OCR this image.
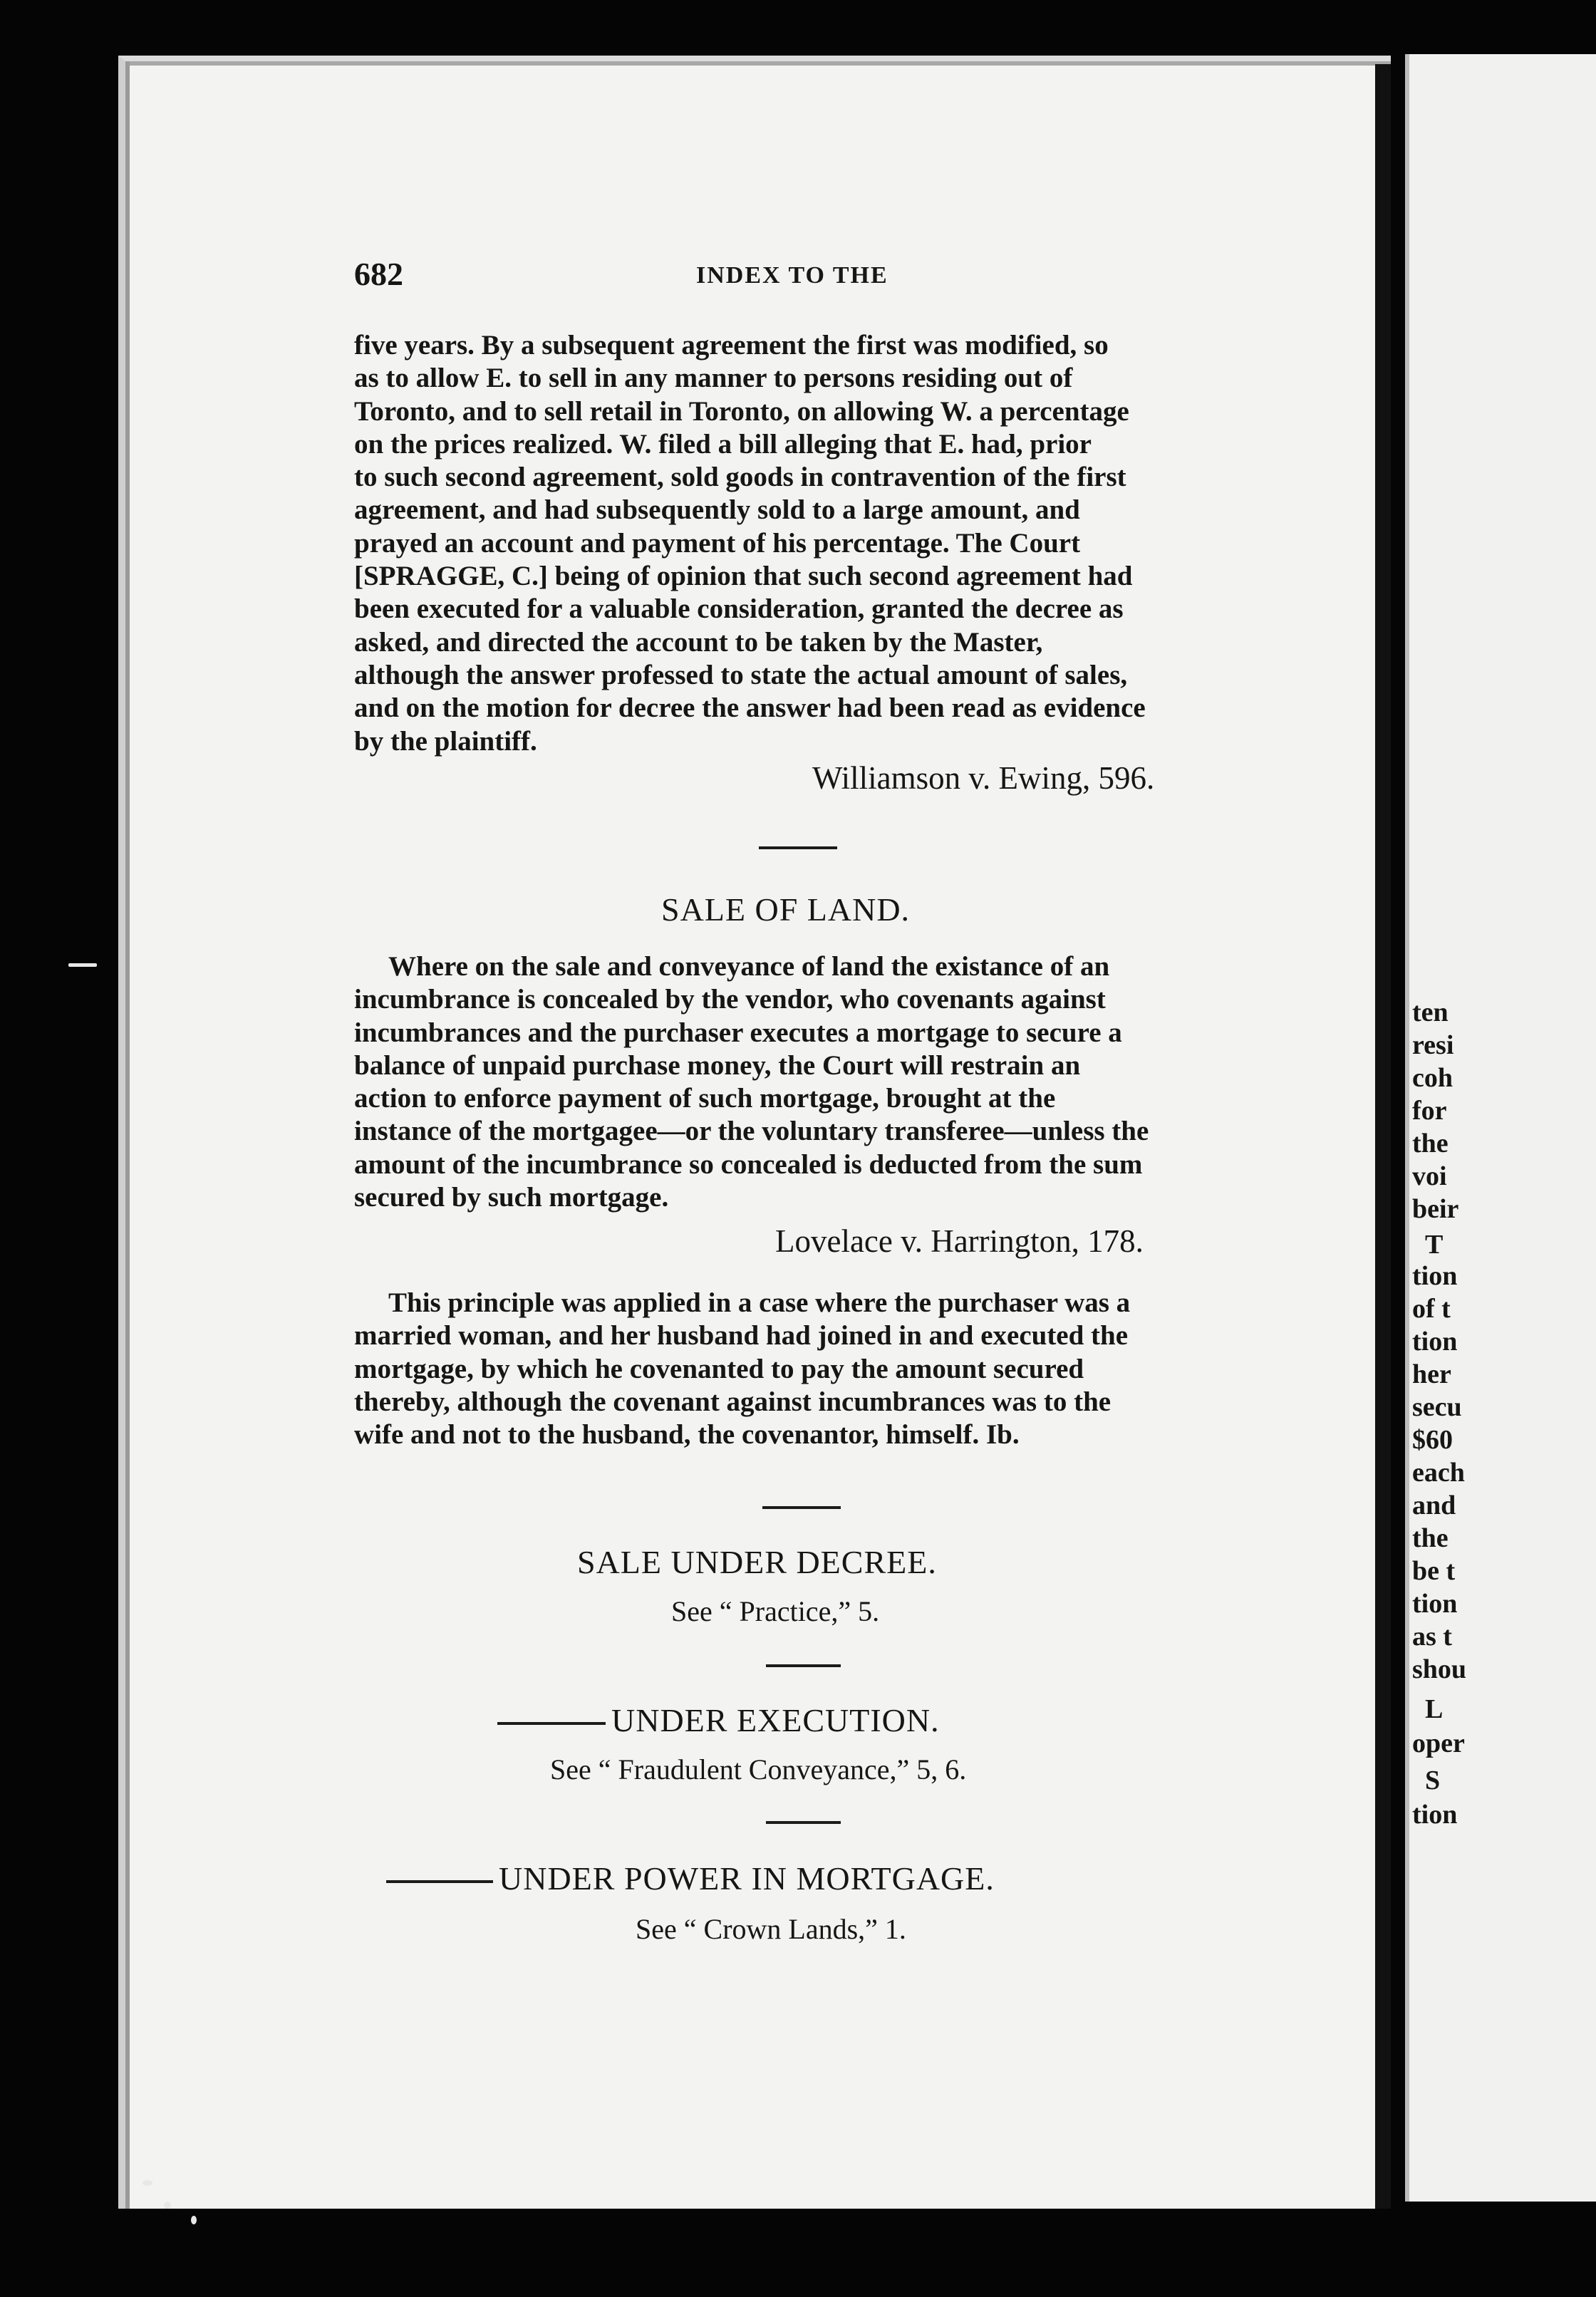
ten
resi
coh
for
the
voi
beir
T
tion
of t
tion
her
secu
$60
each
and
the
be t
tion
as t
shou
L
oper
S
tion
682	INDEX TO THE

five years. By a subsequent agreement the first was modified, so

as to allow E. to sell in any manner to persons residing out of

Toronto, and to sell retail in Toronto, on allowing W. a percentage

on the prices realized. W. filed a bill alleging that E. had, prior

to such second agreement, sold goods in contravention of the first

agreement, and had subsequently sold to a large amount, and

prayed an account and payment of his percentage. The Court

[SPRAGGE, C.] being of opinion that such second agreement had

been executed for a valuable consideration, granted the decree as

asked, and directed the account to be taken by the Master,

although the answer professed to state the actual amount of sales,

and on the motion for decree the answer had been read as evidence

by the plaintiff.

Williamson v. Ewing, 596.
SALE OF LAND.

Where on the sale and conveyance of land the existance of an

incumbrance is concealed by the vendor, who covenants against

incumbrances and the purchaser executes a mortgage to secure a

balance of unpaid purchase money, the Court will restrain an

action to enforce payment of such mortgage, brought at the

instance of the mortgagee—or the voluntary transferee—unless the

amount of the incumbrance so concealed is deducted from the sum

secured by such mortgage.

Lovelace v. Harrington, 178.

This principle was applied in a case where the purchaser was a

married woman, and her husband had joined in and executed the

mortgage, by which he covenanted to pay the amount secured

thereby, although the covenant against incumbrances was to the

wife and not to the husband, the covenantor, himself. Ib.

SALE UNDER DECREE.
See “ Practice,” 5.
UNDER EXECUTION.
See “ Fraudulent Conveyance,” 5, 6.
UNDER POWER IN MORTGAGE.
See “ Crown Lands,” 1.
